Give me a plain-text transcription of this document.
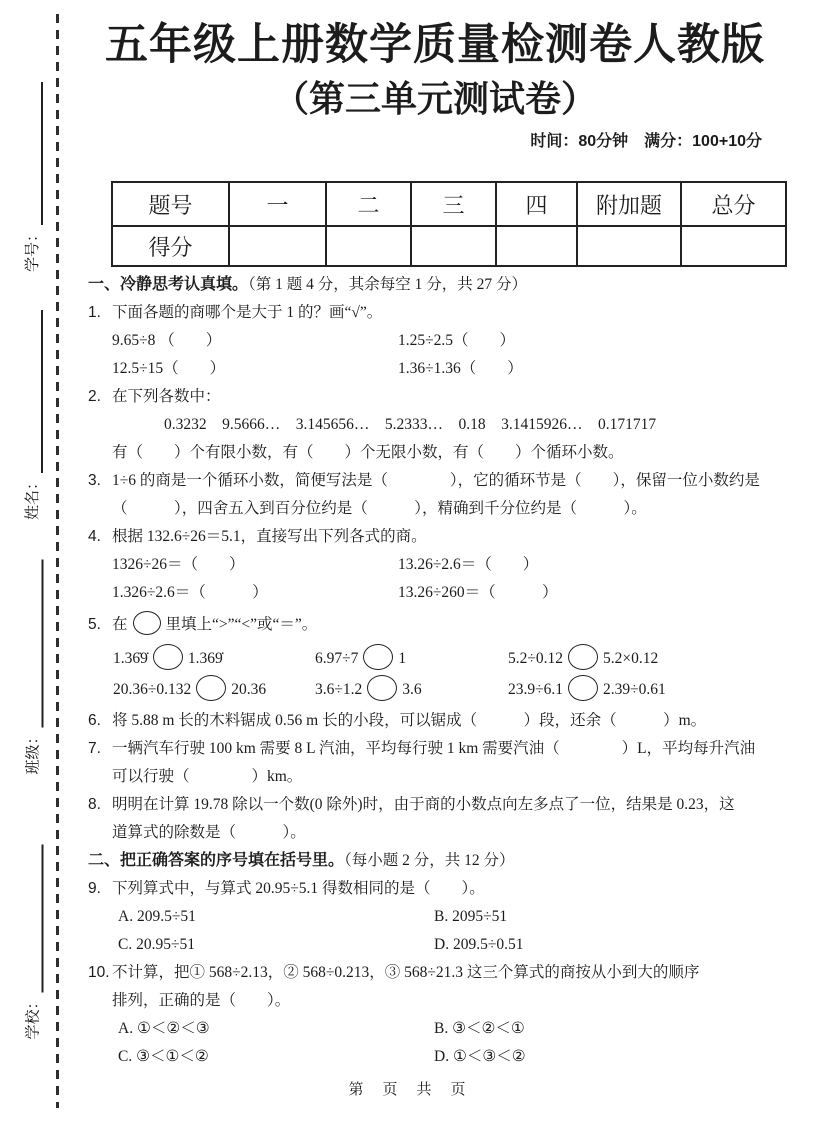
学号：
姓名：
班级：
学校：
五年级上册数学质量检测卷人教版
（第三单元测试卷）
时间：80分钟　满分：100+10分
题号	一	二	三	四	附加题	总分
得分						
一、冷静思考认真填。（第 1 题 4 分，其余每空 1 分，共 27 分）
1. 下面各题的商哪个是大于 1 的？画“√”。
9.65÷8 （　　）	1.25÷2.5（　　）
12.5÷15（　　）	1.36÷1.36（　　）
2. 在下列各数中：
0.3232　9.5666…　3.145656…　5.2333…　0.18　3.1415926…　0.171717
有（　　）个有限小数，有（　　）个无限小数，有（　　）个循环小数。
3. 1÷6 的商是一个循环小数，简便写法是（　　　　），它的循环节是（　　），保留一位小数约是
（　　　），四舍五入到百分位约是（　　　），精确到千分位约是（　　　）。
4. 根据 132.6÷26＝5.1，直接写出下列各式的商。
1326÷26＝（　　）	13.26÷2.6＝（　　）
1.326÷2.6＝（　　　）	13.26÷260＝（　　　）
5. 在 里填上“>”“<”或“＝”。
1.36̇9̇	1.369̇	6.97÷7	1	5.2÷0.12	5.2×0.12
20.36÷0.132	20.36	3.6÷1.2	3.6	23.9÷6.1	2.39÷0.61
6. 将 5.88 m 长的木料锯成 0.56 m 长的小段，可以锯成（　　　）段，还余（　　　）m。
7. 一辆汽车行驶 100 km 需要 8 L 汽油，平均每行驶 1 km 需要汽油（　　　　）L，平均每升汽油
可以行驶（　　　　）km。
8. 明明在计算 19.78 除以一个数(0 除外)时，由于商的小数点向左多点了一位，结果是 0.23，这
道算式的除数是（　　　）。
二、把正确答案的序号填在括号里。（每小题 2 分，共 12 分）
9. 下列算式中，与算式 20.95÷5.1 得数相同的是（　　）。
A. 209.5÷51	B. 2095÷51
C. 20.95÷51	D. 209.5÷0.51
10. 不计算，把① 568÷2.13，② 568÷0.213，③ 568÷21.3 这三个算式的商按从小到大的顺序
排列，正确的是（　　）。
A. ①＜②＜③	B. ③＜②＜①
C. ③＜①＜②	D. ①＜③＜②
第　页　共　页
